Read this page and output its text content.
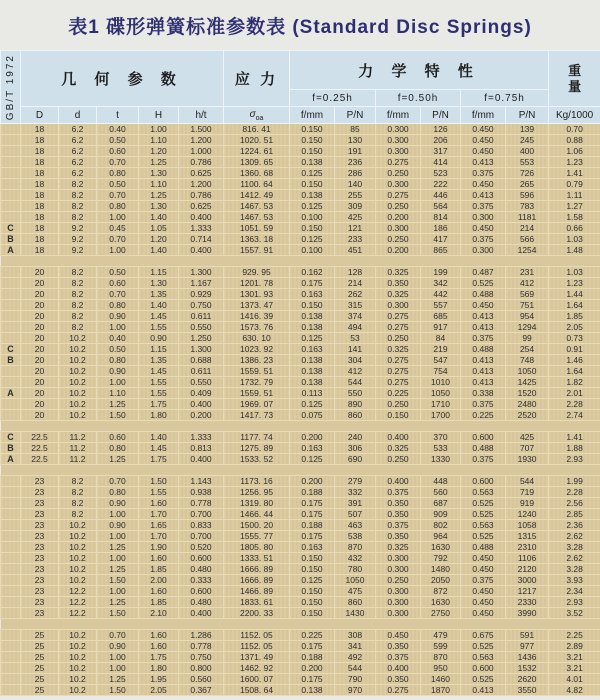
表1 碟形弹簧标准参数表 (Standard Disc Springs)
GB/T 1972	几 何 参 数					应 力	力 学 特 性						重
量

							f=0.25h		f=0.50h		f=0.75h		
	D	d	t	H	h/t	$\sigma_{oa}$	f/mm	P/N	f/mm	P/N	f/mm	P/N	Kg/1000
	18	6.2	0.40	1.00	1.500	816. 41	0.150	85	0.300	126	0.450	139	0.70
	18	6.2	0.50	1.10	1.200	1020. 51	0.150	130	0.300	206	0.450	245	0.88
	18	6.2	0.60	1.20	1.000	1224. 61	0.150	191	0.300	317	0.450	400	1.06
	18	6.2	0.70	1.25	0.786	1309. 65	0.138	236	0.275	414	0.413	553	1.23
	18	6.2	0.80	1.30	0.625	1360. 68	0.125	286	0.250	523	0.375	726	1.41
	18	8.2	0.50	1.10	1.200	1100. 64	0.150	140	0.300	222	0.450	265	0.79
	18	8.2	0.70	1.25	0.786	1412. 49	0.138	255	0.275	446	0.413	596	1.11
	18	8.2	0.80	1.30	0.625	1467. 53	0.125	309	0.250	564	0.375	783	1.27
	18	8.2	1.00	1.40	0.400	1467. 53	0.100	425	0.200	814	0.300	1181	1.58
C	18	9.2	0.45	1.05	1.333	1051. 59	0.150	121	0.300	186	0.450	214	0.66
B	18	9.2	0.70	1.20	0.714	1363. 18	0.125	233	0.250	417	0.375	566	1.03
A	18	9.2	1.00	1.40	0.400	1557. 91	0.100	451	0.200	865	0.300	1254	1.48

	20	8.2	0.50	1.15	1.300	929. 95	0.162	128	0.325	199	0.487	231	1.03
	20	8.2	0.60	1.30	1.167	1201. 78	0.175	214	0.350	342	0.525	412	1.23
	20	8.2	0.70	1.35	0.929	1301. 93	0.163	262	0.325	442	0.488	569	1.44
	20	8.2	0.80	1.40	0.750	1373. 47	0.150	315	0.300	557	0.450	751	1.64
	20	8.2	0.90	1.45	0.611	1416. 39	0.138	374	0.275	685	0.413	954	1.85
	20	8.2	1.00	1.55	0.550	1573. 76	0.138	494	0.275	917	0.413	1294	2.05
	20	10.2	0.40	0.90	1.250	630. 10	0.125	53	0.250	84	0.375	99	0.73
C	20	10.2	0.50	1.15	1.300	1023. 92	0.163	141	0.325	219	0.488	254	0.91
B	20	10.2	0.80	1.35	0.688	1386. 23	0.138	304	0.275	547	0.413	748	1.46
	20	10.2	0.90	1.45	0.611	1559. 51	0.138	412	0.275	754	0.413	1050	1.64
	20	10.2	1.00	1.55	0.550	1732. 79	0.138	544	0.275	1010	0.413	1425	1.82
A	20	10.2	1.10	1.55	0.409	1559. 51	0.113	550	0.225	1050	0.338	1520	2.01
	20	10.2	1.25	1.75	0.400	1969. 07	0.125	890	0.250	1710	0.375	2480	2.28
	20	10.2	1.50	1.80	0.200	1417. 73	0.075	860	0.150	1700	0.225	2520	2.74

C	22.5	11.2	0.60	1.40	1.333	1177. 74	0.200	240	0.400	370	0.600	425	1.41
B	22.5	11.2	0.80	1.45	0.813	1275. 89	0.163	306	0.325	533	0.488	707	1.88
A	22.5	11.2	1.25	1.75	0.400	1533. 52	0.125	690	0.250	1330	0.375	1930	2.93

	23	8.2	0.70	1.50	1.143	1173. 16	0.200	279	0.400	448	0.600	544	1.99
	23	8.2	0.80	1.55	0.938	1256. 95	0.188	332	0.375	560	0.563	719	2.28
	23	8.2	0.90	1.60	0.778	1319. 80	0.175	391	0.350	687	0.525	919	2.56
	23	8.2	1.00	1.70	0.700	1466. 44	0.175	507	0.350	909	0.525	1240	2.85
	23	10.2	0.90	1.65	0.833	1500. 20	0.188	463	0.375	802	0.563	1058	2.36
	23	10.2	1.00	1.70	0.700	1555. 77	0.175	538	0.350	964	0.525	1315	2.62
	23	10.2	1.25	1.90	0.520	1805. 80	0.163	870	0.325	1630	0.488	2310	3.28
	23	10.2	1.00	1.60	0.600	1333. 51	0.150	432	0.300	792	0.450	1106	2.62
	23	10.2	1.25	1.85	0.480	1666. 89	0.150	780	0.300	1480	0.450	2120	3.28
	23	10.2	1.50	2.00	0.333	1666. 89	0.125	1050	0.250	2050	0.375	3000	3.93
	23	12.2	1.00	1.60	0.600	1466. 89	0.150	475	0.300	872	0.450	1217	2.34
	23	12.2	1.25	1.85	0.480	1833. 61	0.150	860	0.300	1630	0.450	2330	2.93
	23	12.2	1.50	2.10	0.400	2200. 33	0.150	1430	0.300	2750	0.450	3990	3.52

	25	10.2	0.70	1.60	1.286	1152. 05	0.225	308	0.450	479	0.675	591	2.25
	25	10.2	0.90	1.60	0.778	1152. 05	0.175	341	0.350	599	0.525	977	2.89
	25	10.2	1.00	1.75	0.750	1371. 49	0.188	492	0.375	870	0.563	1436	3.21
	25	10.2	1.00	1.80	0.800	1462. 92	0.200	544	0.400	950	0.600	1532	3.21
	25	10.2	1.25	1.95	0.560	1600. 07	0.175	790	0.350	1460	0.525	2620	4.01
	25	10.2	1.50	2.05	0.367	1508. 64	0.138	970	0.275	1870	0.413	3550	4.82
